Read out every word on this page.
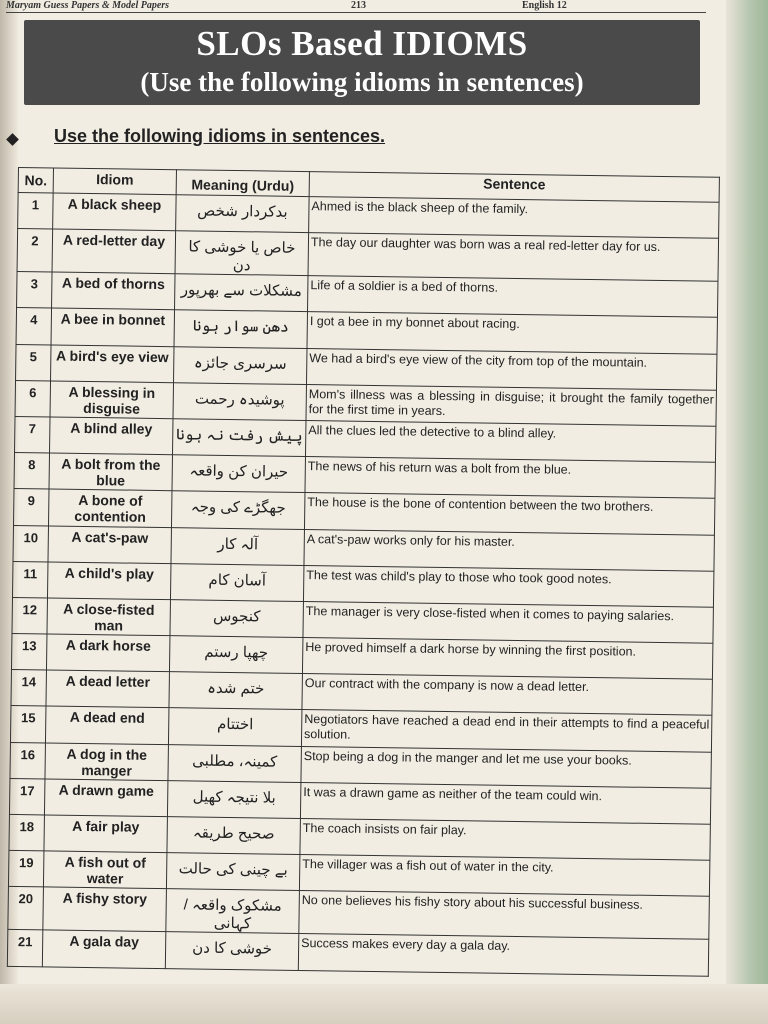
Maryam Guess Papers & Model Papers	213	English 12
SLOs Based IDIOMS
(Use the following idioms in sentences)
Use the following idioms in sentences.
No.	Idiom	Meaning (Urdu)	Sentence
1	A black sheep	بدکردار شخص	Ahmed is the black sheep of the family.
2	A red-letter day	خاص یا خوشی کا دن	The day our daughter was born was a real red-letter day for us.
3	A bed of thorns	مشکلات سے بھرپور	Life of a soldier is a bed of thorns.
4	A bee in bonnet	دھن سوار ہونا	I got a bee in my bonnet about racing.
5	A bird's eye view	سرسری جائزہ	We had a bird's eye view of the city from top of the mountain.
6	A blessing in disguise	پوشیدہ رحمت	Mom's illness was a blessing in disguise; it brought the family together for the first time in years.
7	A blind alley	پیش رفت نہ ہونا	All the clues led the detective to a blind alley.
8	A bolt from the blue	حیران کن واقعہ	The news of his return was a bolt from the blue.
9	A bone of contention	جھگڑے کی وجہ	The house is the bone of contention between the two brothers.
10	A cat's-paw	آلہ کار	A cat's-paw works only for his master.
11	A child's play	آسان کام	The test was child's play to those who took good notes.
12	A close-fisted man	کنجوس	The manager is very close-fisted when it comes to paying salaries.
13	A dark horse	چھپا رستم	He proved himself a dark horse by winning the first position.
14	A dead letter	ختم شدہ	Our contract with the company is now a dead letter.
15	A dead end	اختتام	Negotiators have reached a dead end in their attempts to find a peaceful solution.
16	A dog in the manger	کمینہ، مطلبی	Stop being a dog in the manger and let me use your books.
17	A drawn game	بلا نتیجہ کھیل	It was a drawn game as neither of the team could win.
18	A fair play	صحیح طریقہ	The coach insists on fair play.
19	A fish out of water	بے چینی کی حالت	The villager was a fish out of water in the city.
20	A fishy story	مشکوک واقعہ / کہانی	No one believes his fishy story about his successful business.
21	A gala day	خوشی کا دن	Success makes every day a gala day.
